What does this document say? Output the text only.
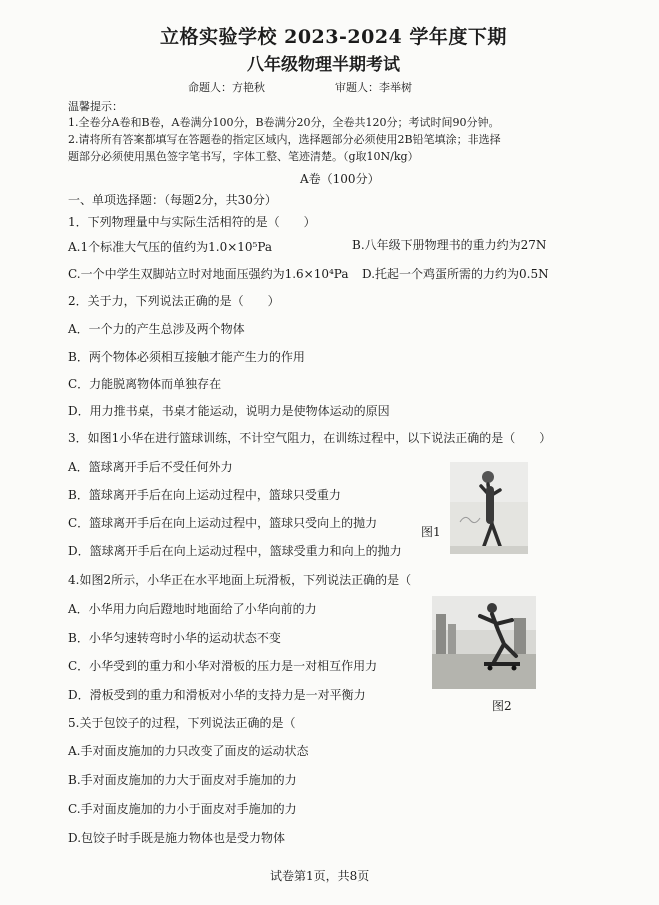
立格实验学校 2023-2024 学年度下期
八年级物理半期考试
命题人：方艳秋	审题人：李举树
温馨提示：
1.全卷分A卷和B卷，A卷满分100分，B卷满分20分，全卷共120分；考试时间90分钟。
2.请将所有答案都填写在答题卷的指定区域内，选择题部分必须使用2B铅笔填涂；非选择
题部分必须使用黑色签字笔书写，字体工整、笔迹清楚。（g取10N/kg）
A卷（100分）
一、单项选择题：（每题2分，共30分）
1．下列物理量中与实际生活相符的是（　　）
A.1个标准大气压的值约为1.0×10⁵Pa	B.八年级下册物理书的重力约为27N
C.一个中学生双脚站立时对地面压强约为1.6×10⁴Pa D.托起一个鸡蛋所需的力约为0.5N
2．关于力，下列说法正确的是（　　）
A．一个力的产生总涉及两个物体
B．两个物体必须相互接触才能产生力的作用
C．力能脱离物体而单独存在
D．用力推书桌，书桌才能运动，说明力是使物体运动的原因
3．如图1小华在进行篮球训练，不计空气阻力，在训练过程中，以下说法正确的是（　　）
A．篮球离开手后不受任何外力
B．篮球离开手后在向上运动过程中，篮球只受重力
C．篮球离开手后在向上运动过程中，篮球只受向上的抛力
D．篮球离开手后在向上运动过程中，篮球受重力和向上的抛力
图1
4.如图2所示，小华正在水平地面上玩滑板，下列说法正确的是（
A．小华用力向后蹬地时地面给了小华向前的力
B．小华匀速转弯时小华的运动状态不变
C．小华受到的重力和小华对滑板的压力是一对相互作用力
D．滑板受到的重力和滑板对小华的支持力是一对平衡力
图2
5.关于包饺子的过程，下列说法正确的是（
A.手对面皮施加的力只改变了面皮的运动状态
B.手对面皮施加的力大于面皮对手施加的力
C.手对面皮施加的力小于面皮对手施加的力
D.包饺子时手既是施力物体也是受力物体
试卷第1页，共8页
